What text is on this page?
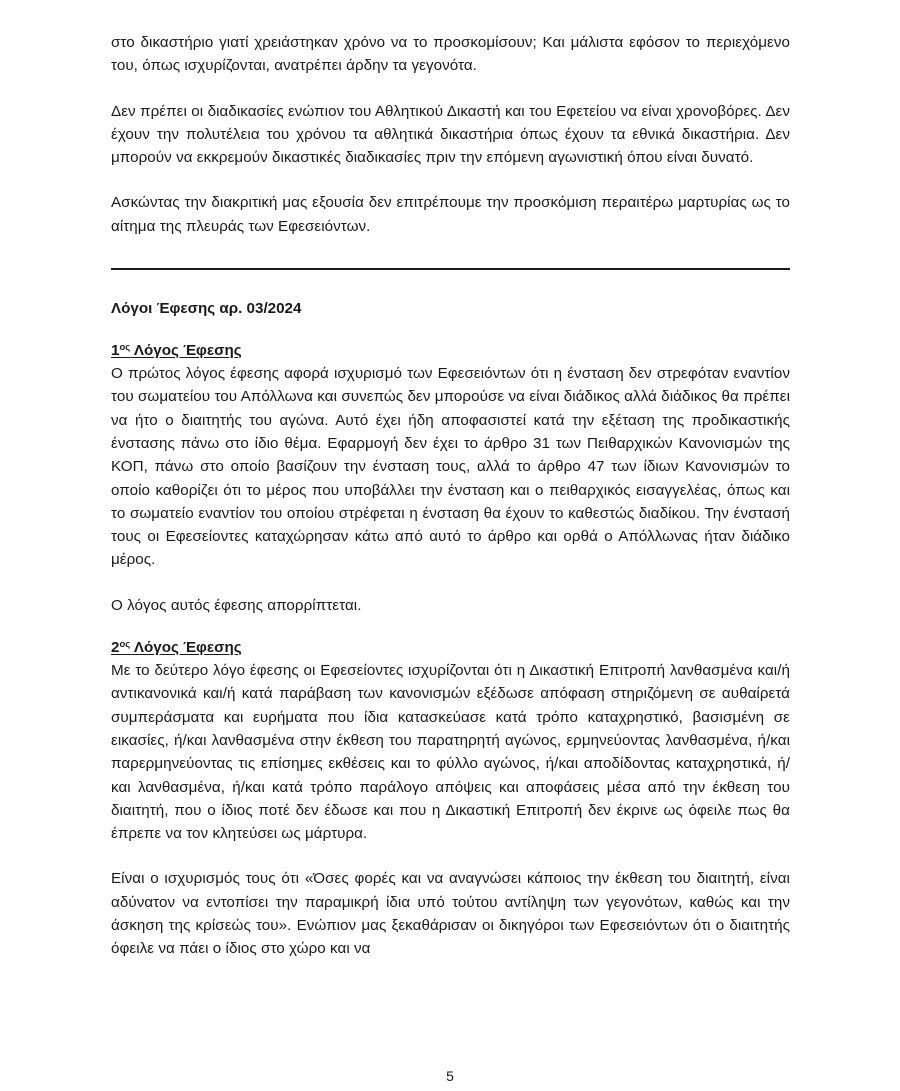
στο δικαστήριο γιατί χρειάστηκαν χρόνο να το προσκομίσουν; Και μάλιστα εφόσον το περιεχόμενο του, όπως ισχυρίζονται, ανατρέπει άρδην τα γεγονότα.

Δεν πρέπει οι διαδικασίες ενώπιον του Αθλητικού Δικαστή και του Εφετείου να είναι χρονοβόρες. Δεν έχουν την πολυτέλεια του χρόνου τα αθλητικά δικαστήρια όπως έχουν τα εθνικά δικαστήρια. Δεν μπορούν να εκκρεμούν δικαστικές διαδικασίες πριν την επόμενη αγωνιστική όπου είναι δυνατό.

Ασκώντας την διακριτική μας εξουσία δεν επιτρέπουμε την προσκόμιση περαιτέρω μαρτυρίας ως το αίτημα της πλευράς των Εφεσειόντων.

Λόγοι Έφεσης αρ. 03/2024

$1^{o\varsigma}$ Λόγος Έφεσης

Ο πρώτος λόγος έφεσης αφορά ισχυρισμό των Εφεσειόντων ότι η ένσταση δεν στρεφόταν εναντίον του σωματείου του Απόλλωνα και συνεπώς δεν μπορούσε να είναι διάδικος αλλά διάδικος θα πρέπει να ήτο ο διαιτητής του αγώνα. Αυτό έχει ήδη αποφασιστεί κατά την εξέταση της προδικαστικής ένστασης πάνω στο ίδιο θέμα. Εφαρμογή δεν έχει το άρθρο 31 των Πειθαρχικών Κανονισμών της ΚΟΠ, πάνω στο οποίο βασίζουν την ένσταση τους, αλλά το άρθρο 47 των ίδιων Κανονισμών το οποίο καθορίζει ότι το μέρος που υποβάλλει την ένσταση και ο πειθαρχικός εισαγγελέας, όπως και το σωματείο εναντίον του οποίου στρέφεται η ένσταση θα έχουν το καθεστώς διαδίκου. Την ένστασή τους οι Εφεσείοντες καταχώρησαν κάτω από αυτό το άρθρο και ορθά ο Απόλλωνας ήταν διάδικο μέρος.

Ο λόγος αυτός έφεσης απορρίπτεται.

$2^{o\varsigma}$ Λόγος Έφεσης

Με το δεύτερο λόγο έφεσης οι Εφεσείοντες ισχυρίζονται ότι η Δικαστική Επιτροπή λανθασμένα και/ή αντικανονικά και/ή κατά παράβαση των κανονισμών εξέδωσε απόφαση στηριζόμενη σε αυθαίρετά συμπεράσματα και ευρήματα που ίδια κατασκεύασε κατά τρόπο καταχρηστικό, βασισμένη σε εικασίες, ή/και λανθασμένα στην έκθεση του παρατηρητή αγώνος, ερμηνεύοντας λανθασμένα, ή/και παρερμηνεύοντας τις επίσημες εκθέσεις και το φύλλο αγώνος, ή/και αποδίδοντας καταχρηστικά, ή/και λανθασμένα, ή/και κατά τρόπο παράλογο απόψεις και αποφάσεις μέσα από την έκθεση του διαιτητή, που ο ίδιος ποτέ δεν έδωσε και που η Δικαστική Επιτροπή δεν έκρινε ως όφειλε πως θα έπρεπε να τον κλητεύσει ως μάρτυρα.

Είναι ο ισχυρισμός τους ότι «Όσες φορές και να αναγνώσει κάποιος την έκθεση του διαιτητή, είναι αδύνατον να εντοπίσει την παραμικρή ίδια υπό τούτου αντίληψη των γεγονότων, καθώς και την άσκηση της κρίσεώς του». Ενώπιον μας ξεκαθάρισαν οι δικηγόροι των Εφεσειόντων ότι ο διαιτητής όφειλε να πάει ο ίδιος στο χώρο και να

5
